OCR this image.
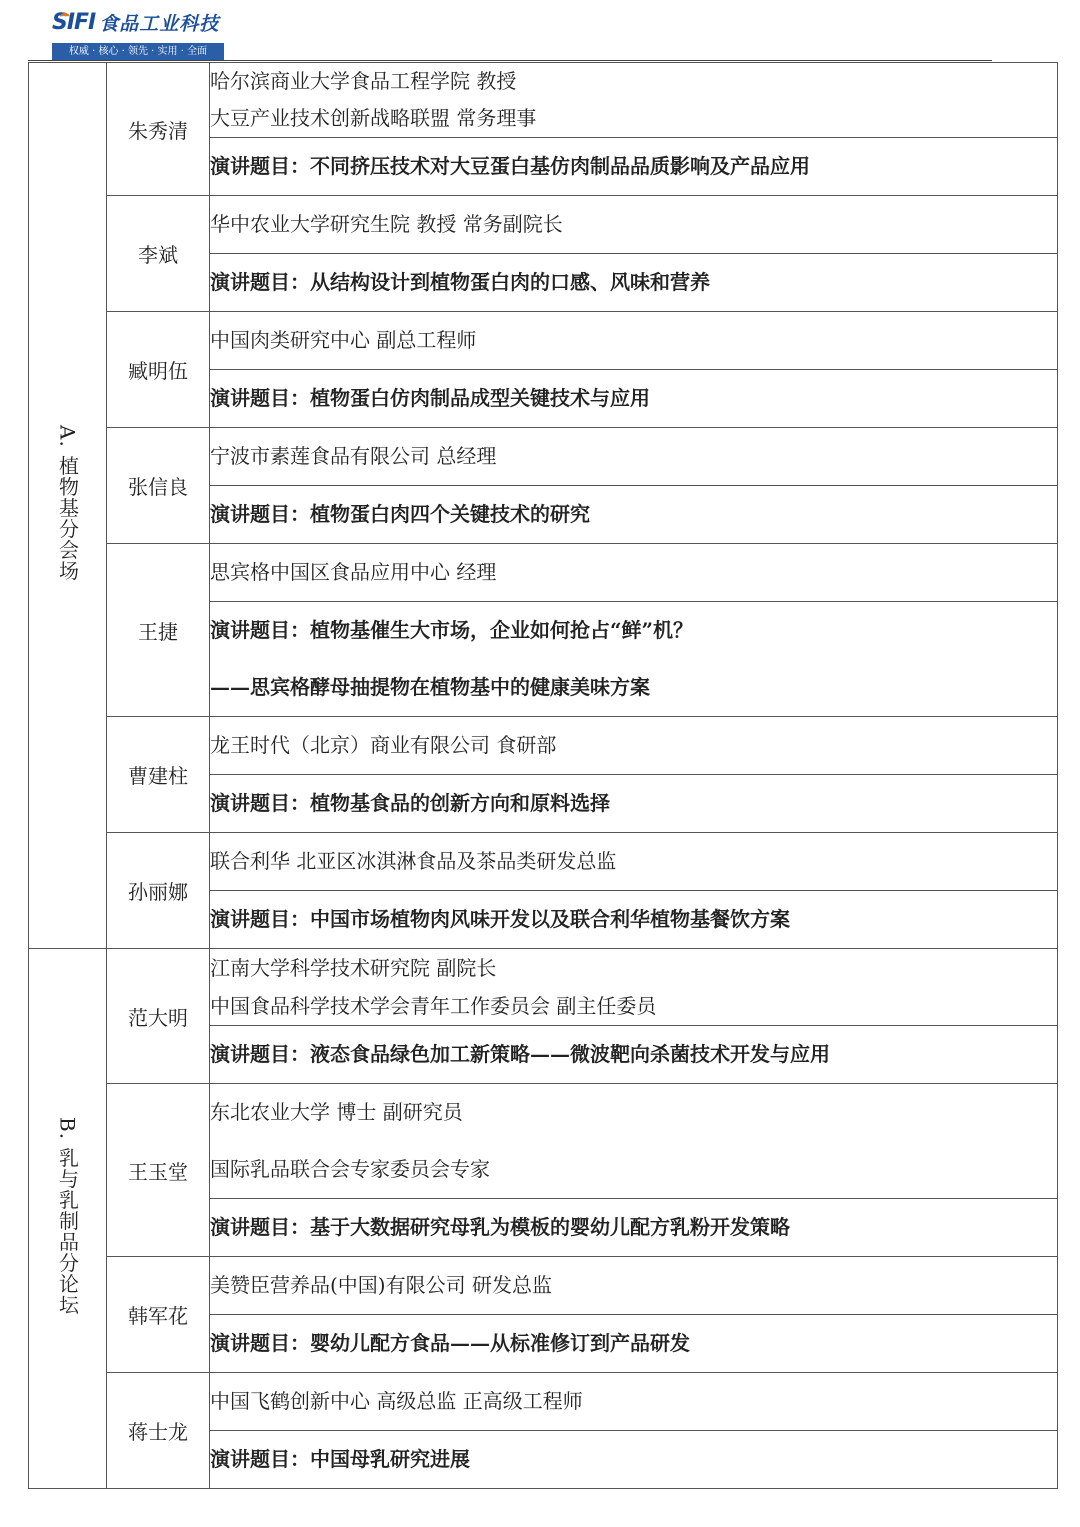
SIFI 食品工业科技
权威 · 核心 · 领先 · 实用 · 全面
A. 植物基分会场	朱秀清	哈尔滨商业大学食品工程学院 教授
大豆产业技术创新战略联盟 常务理事

		演讲题目：不同挤压技术对大豆蛋白基仿肉制品品质影响及产品应用

	李斌	华中农业大学研究生院 教授 常务副院长

		演讲题目：从结构设计到植物蛋白肉的口感、风味和营养

	臧明伍	中国肉类研究中心 副总工程师

		演讲题目：植物蛋白仿肉制品成型关键技术与应用

	张信良	宁波市素莲食品有限公司 总经理

		演讲题目：植物蛋白肉四个关键技术的研究

	王捷	思宾格中国区食品应用中心 经理

		演讲题目：植物基催生大市场，企业如何抢占“鲜”机？
——思宾格酵母抽提物在植物基中的健康美味方案

	曹建柱	龙王时代（北京）商业有限公司 食研部

		演讲题目：植物基食品的创新方向和原料选择

	孙丽娜	联合利华 北亚区冰淇淋食品及茶品类研发总监

		演讲题目：中国市场植物肉风味开发以及联合利华植物基餐饮方案

B. 乳与乳制品分论坛	范大明	江南大学科学技术研究院 副院长
中国食品科学技术学会青年工作委员会 副主任委员

		演讲题目：液态食品绿色加工新策略——微波靶向杀菌技术开发与应用

	王玉堂	东北农业大学 博士 副研究员
国际乳品联合会专家委员会专家

		演讲题目：基于大数据研究母乳为模板的婴幼儿配方乳粉开发策略

	韩军花	美赞臣营养品(中国)有限公司 研发总监

		演讲题目：婴幼儿配方食品——从标准修订到产品研发

	蒋士龙	中国飞鹤创新中心 高级总监 正高级工程师

		演讲题目：中国母乳研究进展
